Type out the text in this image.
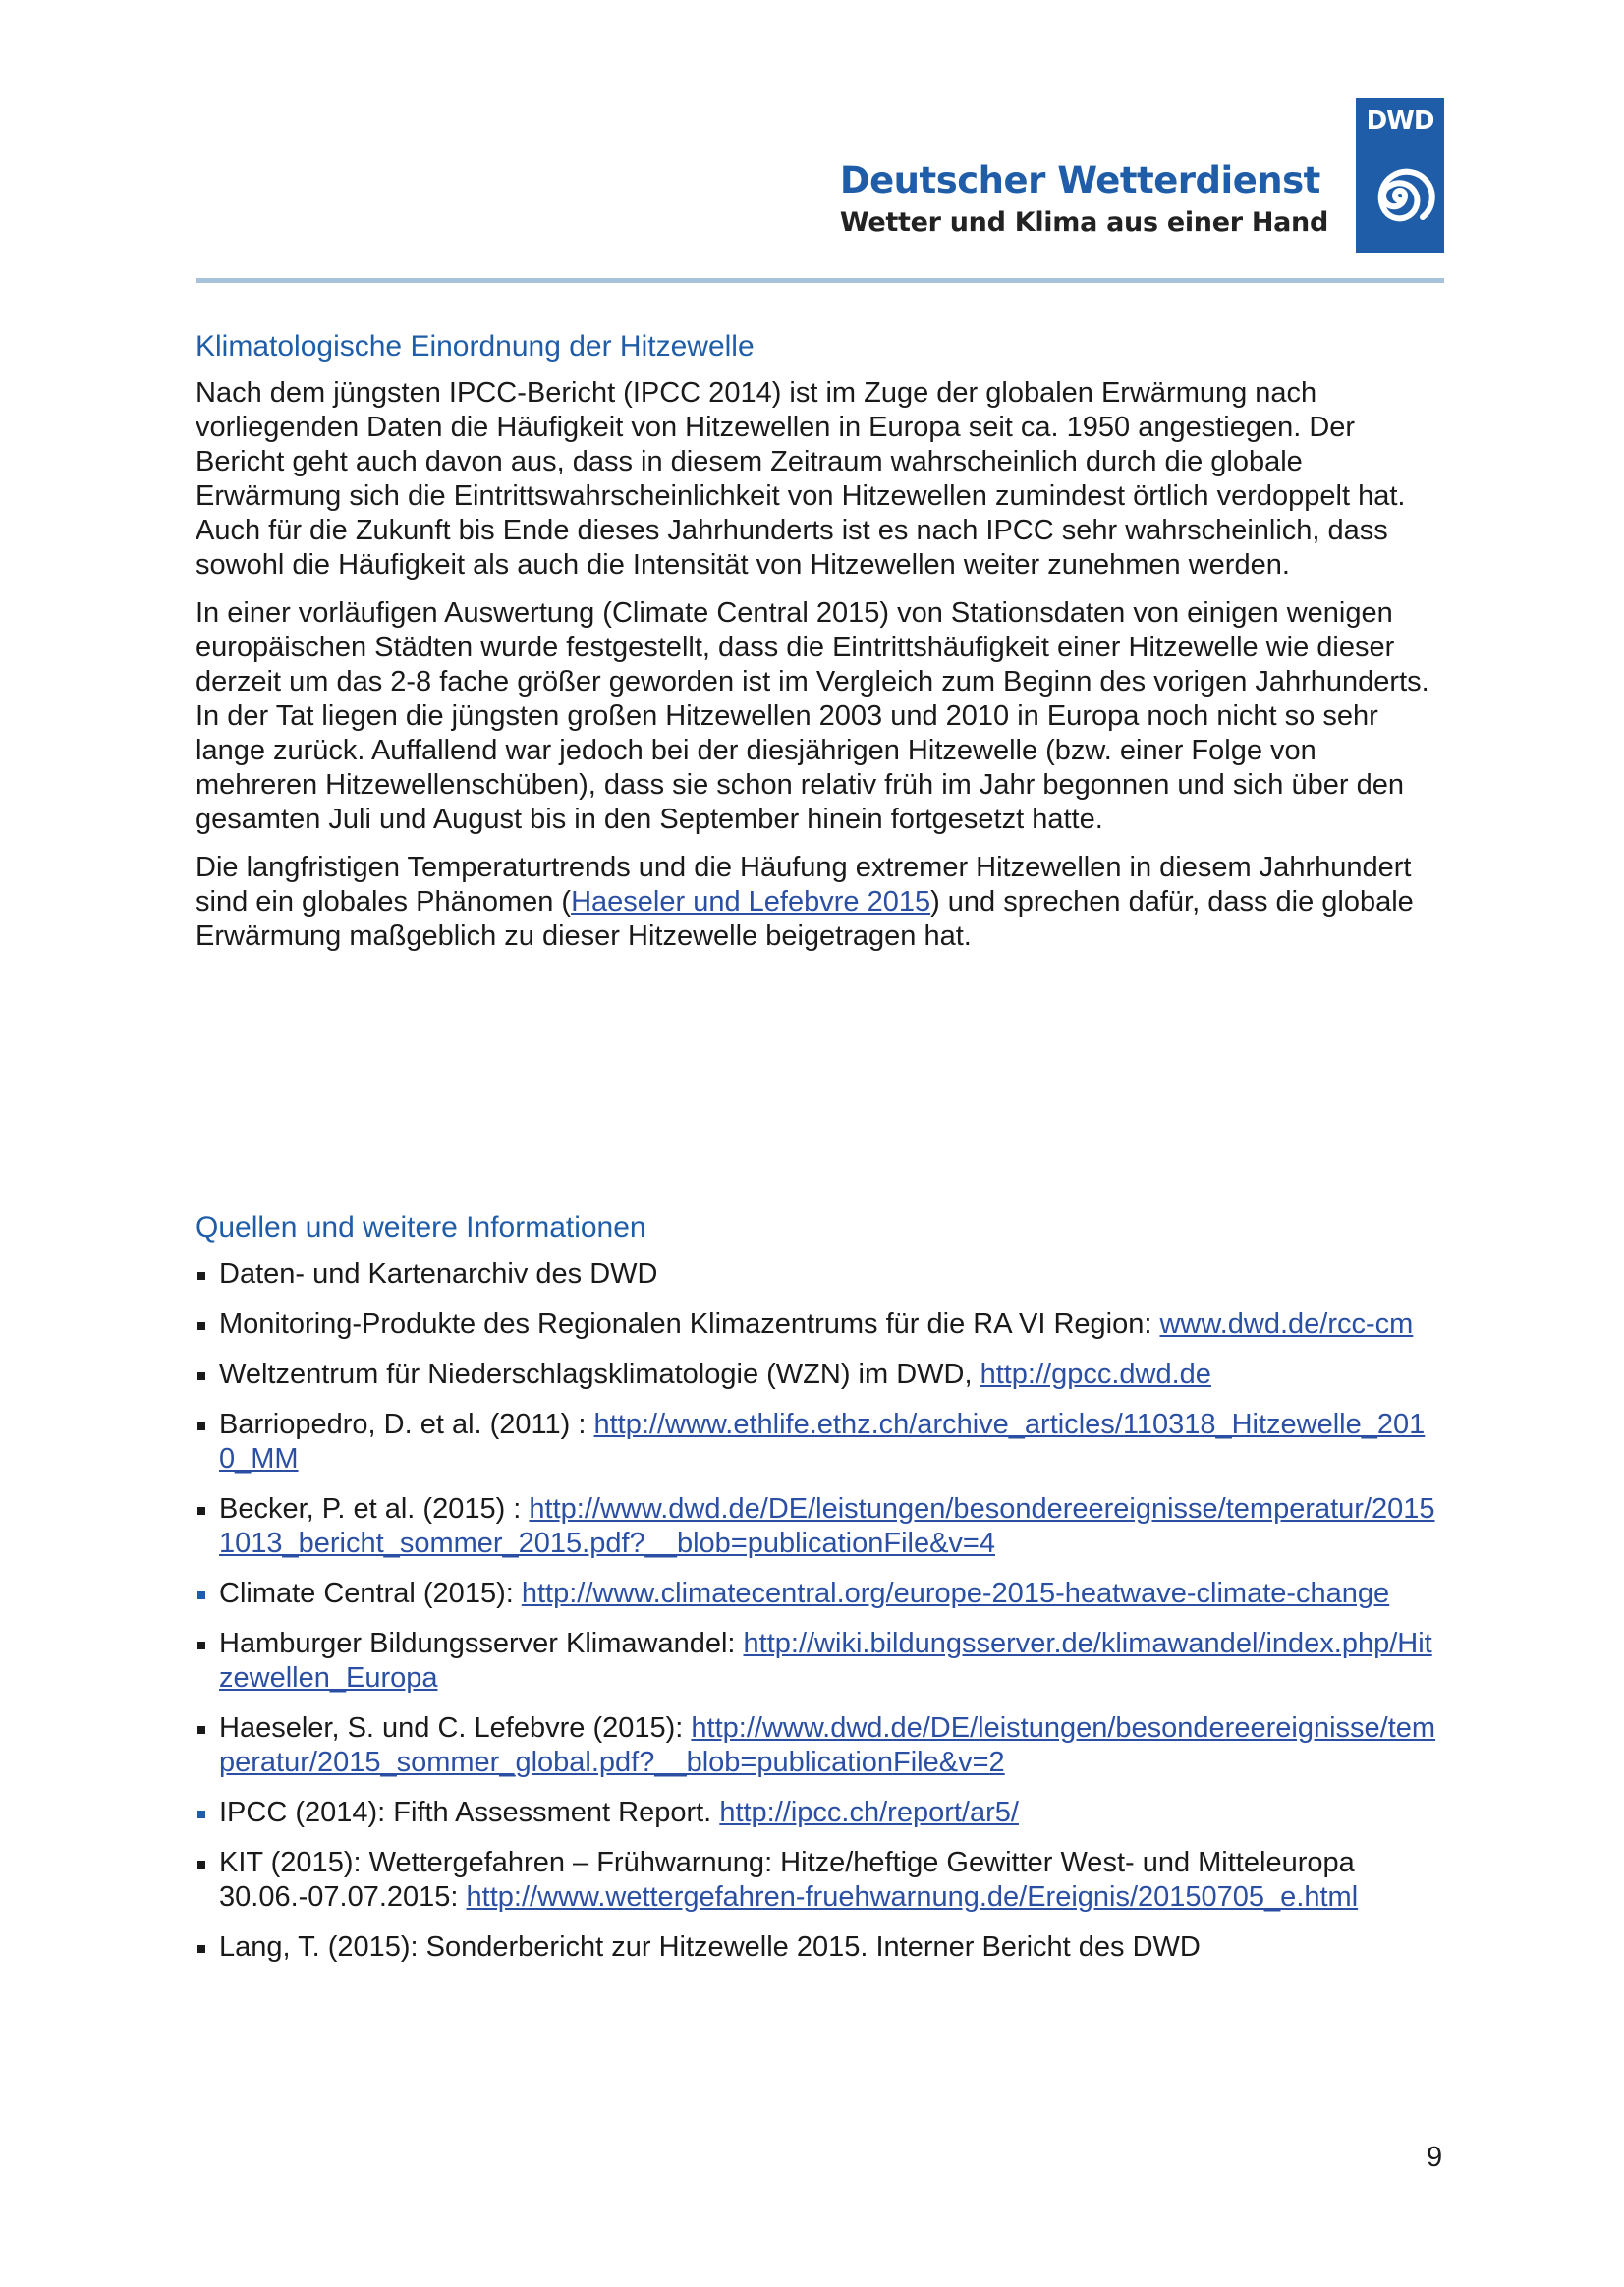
Deutscher Wetterdienst
Wetter und Klima aus einer Hand
DWD
Klimatologische Einordnung der Hitzewelle

Nach dem jüngsten IPCC-Bericht (IPCC 2014) ist im Zuge der globalen Erwärmung nach vorliegenden Daten die Häufigkeit von Hitzewellen in Europa seit ca. 1950 angestiegen. Der Bericht geht auch davon aus, dass in diesem Zeitraum wahrscheinlich durch die globale Erwärmung sich die Eintrittswahrscheinlichkeit von Hitzewellen zumindest örtlich verdoppelt hat. Auch für die Zukunft bis Ende dieses Jahrhunderts ist es nach IPCC sehr wahrscheinlich, dass sowohl die Häufigkeit als auch die Intensität von Hitzewellen weiter zunehmen werden.

In einer vorläufigen Auswertung (Climate Central 2015) von Stationsdaten von einigen wenigen europäischen Städten wurde festgestellt, dass die Eintrittshäufigkeit einer Hitzewelle wie dieser derzeit um das 2-8 fache größer geworden ist im Vergleich zum Beginn des vorigen Jahrhunderts. In der Tat liegen die jüngsten großen Hitzewellen 2003 und 2010 in Europa noch nicht so sehr lange zurück. Auffallend war jedoch bei der diesjährigen Hitzewelle (bzw. einer Folge von mehreren Hitzewellenschüben), dass sie schon relativ früh im Jahr begonnen und sich über den gesamten Juli und August bis in den September hinein fortgesetzt hatte.

Die langfristigen Temperaturtrends und die Häufung extremer Hitzewellen in diesem Jahrhundert sind ein globales Phänomen (Haeseler und Lefebvre 2015) und sprechen dafür, dass die globale Erwärmung maßgeblich zu dieser Hitzewelle beigetragen hat.

Quellen und weitere Informationen
Daten- und Kartenarchiv des DWD
Monitoring-Produkte des Regionalen Klimazentrums für die RA VI Region: www.dwd.de/rcc-cm
Weltzentrum für Niederschlagsklimatologie (WZN) im DWD, http://gpcc.dwd.de
Barriopedro, D. et al. (2011) : http://www.ethlife.ethz.ch/archive_articles/110318_Hitzewelle_2010_MM
Becker, P. et al. (2015) : http://www.dwd.de/DE/leistungen/besondereereignisse/temperatur/20151013_bericht_sommer_2015.pdf?__blob=publicationFile&v=4
Climate Central (2015): http://www.climatecentral.org/europe-2015-heatwave-climate-change
Hamburger Bildungsserver Klimawandel: http://wiki.bildungsserver.de/klimawandel/index.php/Hitzewellen_Europa
Haeseler, S. und C. Lefebvre (2015): http://www.dwd.de/DE/leistungen/besondereereignisse/temperatur/2015_sommer_global.pdf?__blob=publicationFile&v=2
IPCC (2014): Fifth Assessment Report. http://ipcc.ch/report/ar5/
KIT (2015): Wettergefahren – Frühwarnung: Hitze/heftige Gewitter West- und Mitteleuropa 30.06.-07.07.2015: http://www.wettergefahren-fruehwarnung.de/Ereignis/20150705_e.html
Lang, T. (2015): Sonderbericht zur Hitzewelle 2015. Interner Bericht des DWD
9
